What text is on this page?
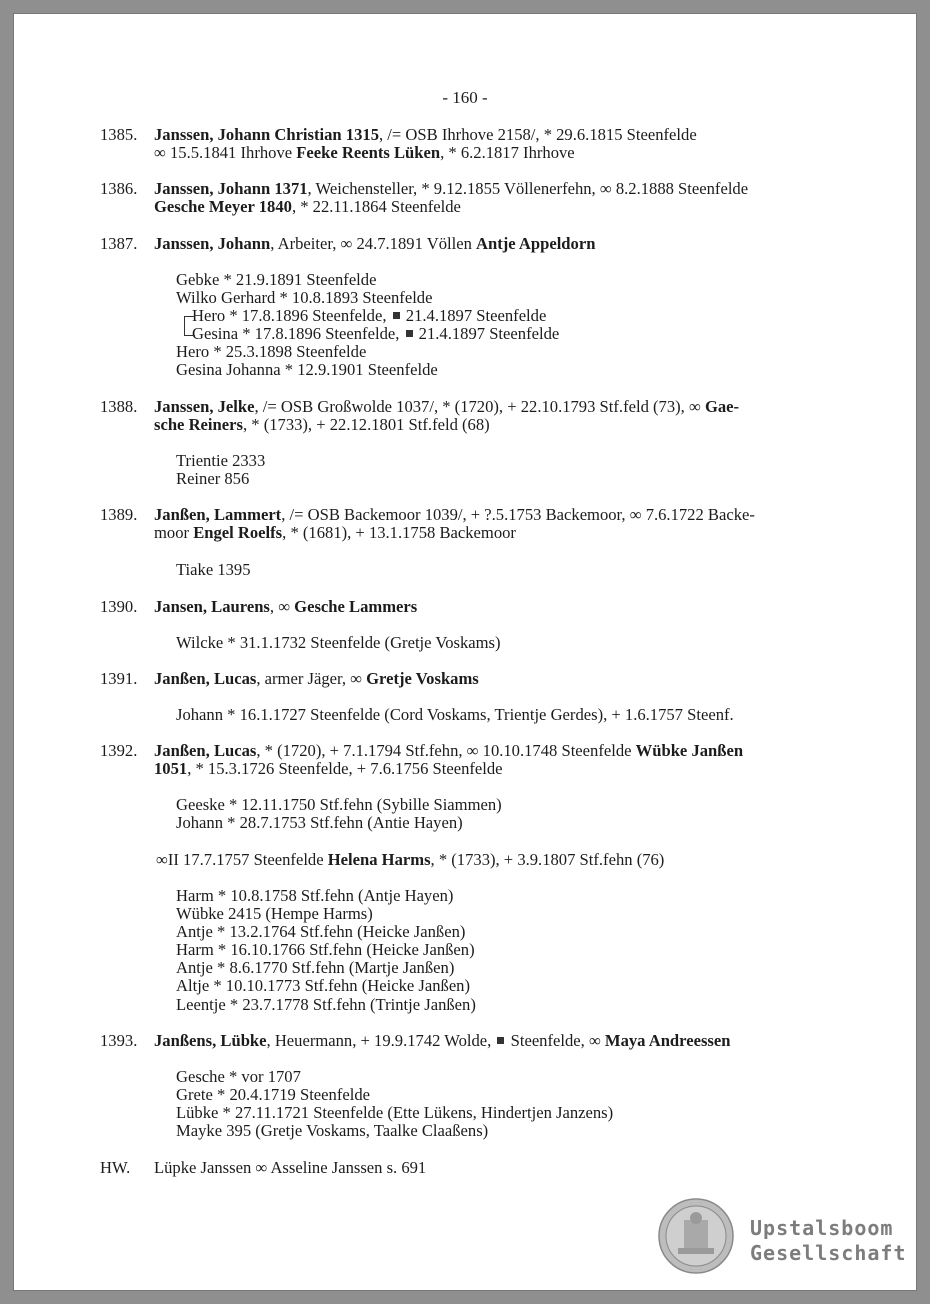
- 160 -
1385.	Janssen, Johann Christian 1315, /= OSB Ihrhove 2158/, * 29.6.1815 Steenfelde
∞ 15.5.1841 Ihrhove Feeke Reents Lüken, * 6.2.1817 Ihrhove
1386.	Janssen, Johann 1371, Weichensteller, * 9.12.1855 Völlenerfehn, ∞ 8.2.1888 Steenfelde
Gesche Meyer 1840, * 22.11.1864 Steenfelde
1387.	Janssen, Johann, Arbeiter, ∞ 24.7.1891 Völlen Antje Appeldorn
Gebke * 21.9.1891 Steenfelde
Wilko Gerhard * 10.8.1893 Steenfelde
Hero * 17.8.1896 Steenfelde,  21.4.1897 Steenfelde
Gesina * 17.8.1896 Steenfelde,  21.4.1897 Steenfelde
Hero * 25.3.1898 Steenfelde
Gesina Johanna * 12.9.1901 Steenfelde
1388.	Janssen, Jelke, /= OSB Großwolde 1037/, * (1720), + 22.10.1793 Stf.feld (73), ∞ Gae-
sche Reiners, * (1733), + 22.12.1801 Stf.feld (68)
Trientie 2333
Reiner 856
1389.	Janßen, Lammert, /= OSB Backemoor 1039/, + ?.5.1753 Backemoor, ∞ 7.6.1722 Backe-
moor Engel Roelfs, * (1681), + 13.1.1758 Backemoor
Tiake 1395
1390.	Jansen, Laurens, ∞ Gesche Lammers
Wilcke * 31.1.1732 Steenfelde (Gretje Voskams)
1391.	Janßen, Lucas, armer Jäger, ∞ Gretje Voskams
Johann * 16.1.1727 Steenfelde (Cord Voskams, Trientje Gerdes), + 1.6.1757 Steenf.
1392.	Janßen, Lucas, * (1720), + 7.1.1794 Stf.fehn, ∞ 10.10.1748 Steenfelde Wübke Janßen
1051, * 15.3.1726 Steenfelde, + 7.6.1756 Steenfelde
Geeske * 12.11.1750 Stf.fehn (Sybille Siammen)
Johann * 28.7.1753 Stf.fehn (Antie Hayen)
∞II 17.7.1757 Steenfelde Helena Harms, * (1733), + 3.9.1807 Stf.fehn (76)
Harm * 10.8.1758 Stf.fehn (Antje Hayen)
Wübke 2415 (Hempe Harms)
Antje * 13.2.1764 Stf.fehn (Heicke Janßen)
Harm * 16.10.1766 Stf.fehn (Heicke Janßen)
Antje * 8.6.1770 Stf.fehn (Martje Janßen)
Altje * 10.10.1773 Stf.fehn (Heicke Janßen)
Leentje * 23.7.1778 Stf.fehn (Trintje Janßen)
1393.	Janßens, Lübke, Heuermann, + 19.9.1742 Wolde,  Steenfelde, ∞ Maya Andreessen
Gesche * vor 1707
Grete * 20.4.1719 Steenfelde
Lübke * 27.11.1721 Steenfelde (Ette Lükens, Hindertjen Janzens)
Mayke 395 (Gretje Voskams, Taalke Claaßens)
HW.	Lüpke Janssen ∞ Asseline Janssen s. 691
Upstalsboom
Gesellschaft
